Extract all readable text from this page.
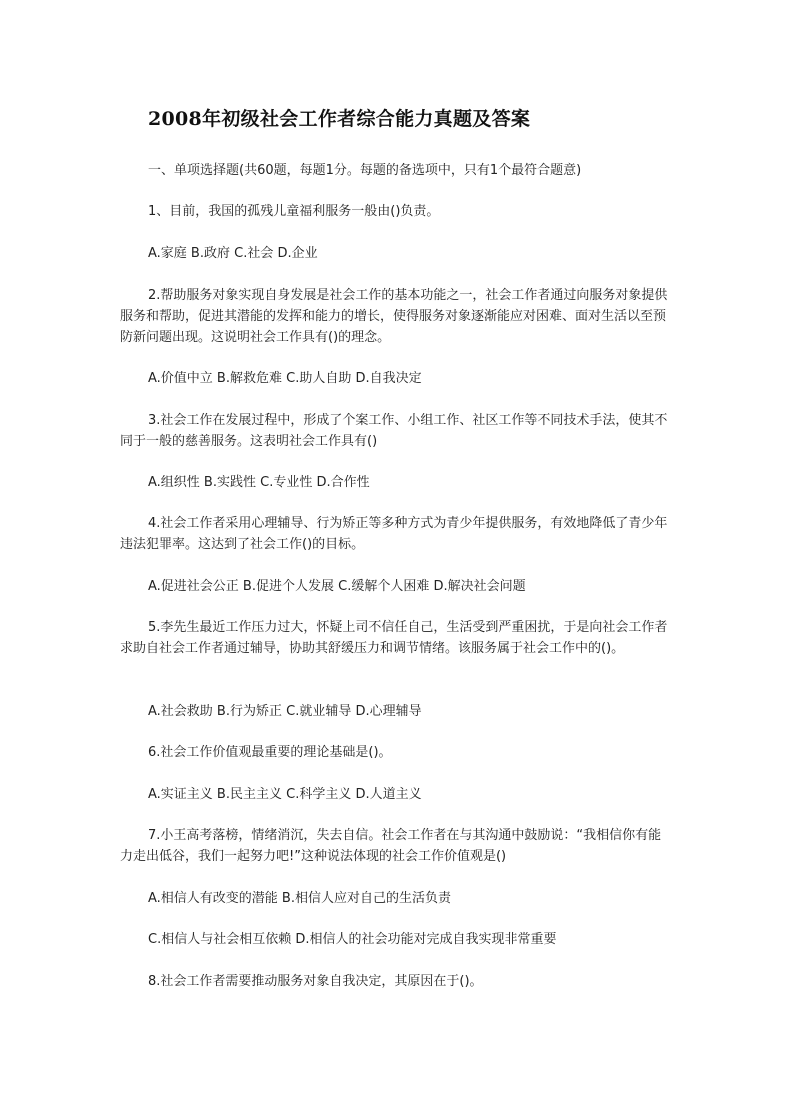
2008年初级社会工作者综合能力真题及答案
一、单项选择题(共60题，每题1分。每题的备选项中，只有1个最符合题意)
1、目前，我国的孤残儿童福利服务一般由()负责。
A.家庭 B.政府 C.社会 D.企业
2.帮助服务对象实现自身发展是社会工作的基本功能之一，社会工作者通过向服务对象提供服务和帮助，促进其潜能的发挥和能力的增长，使得服务对象逐渐能应对困难、面对生活以至预防新问题出现。这说明社会工作具有()的理念。
A.价值中立 B.解救危难 C.助人自助 D.自我决定
3.社会工作在发展过程中，形成了个案工作、小组工作、社区工作等不同技术手法，使其不同于一般的慈善服务。这表明社会工作具有()
A.组织性 B.实践性 C.专业性 D.合作性
4.社会工作者采用心理辅导、行为矫正等多种方式为青少年提供服务，有效地降低了青少年违法犯罪率。这达到了社会工作()的目标。
A.促进社会公正 B.促进个人发展 C.缓解个人困难 D.解决社会问题
5.李先生最近工作压力过大，怀疑上司不信任自己，生活受到严重困扰，于是向社会工作者求助自社会工作者通过辅导，协助其舒缓压力和调节情绪。该服务属于社会工作中的()。
A.社会救助 B.行为矫正 C.就业辅导 D.心理辅导
6.社会工作价值观最重要的理论基础是()。
A.实证主义 B.民主主义 C.科学主义 D.人道主义
7.小王高考落榜，情绪消沉，失去自信。社会工作者在与其沟通中鼓励说：“我相信你有能力走出低谷，我们一起努力吧!”这种说法体现的社会工作价值观是()
A.相信人有改变的潜能 B.相信人应对自己的生活负责
C.相信人与社会相互依赖 D.相信人的社会功能对完成自我实现非常重要
8.社会工作者需要推动服务对象自我决定，其原因在于()。
